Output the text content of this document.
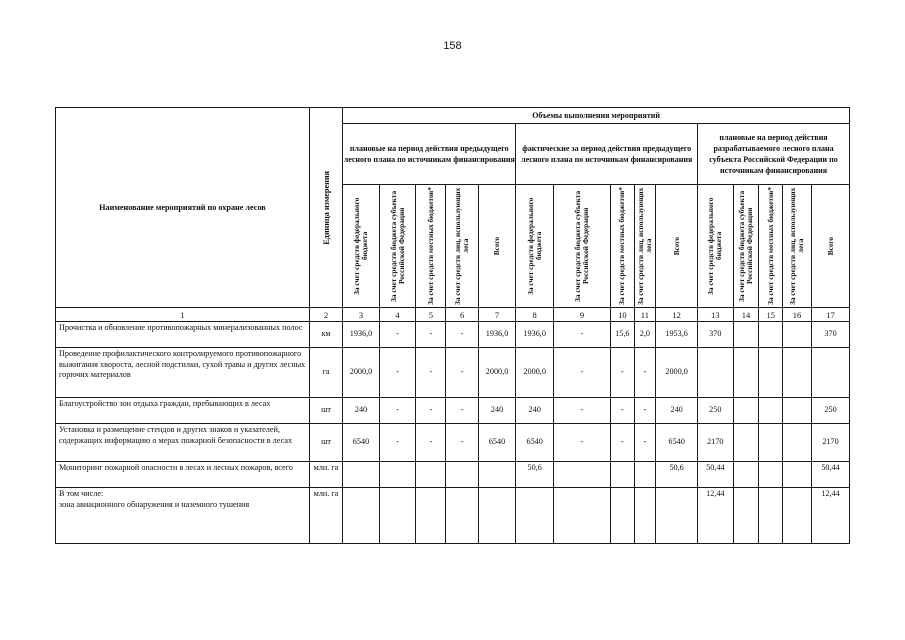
158
Наименование мероприятий по охране лесов	Единица измерения	Объемы выполнения мероприятий														
		плановые на период действия предыдущего лесного плана по источникам финансирования					фактические за период действия предыдущего лесного плана по источникам финансирования					плановые на период действия разрабатываемого лесного плана субъекта Российской Федерации по источникам финансирования				

		За счет средств федерального бюджета	За счет средств бюджета субъекта Российской Федерации	За счет средств местных бюджетов*	За счет средств лиц, использующих леса	Всего	За счет средств федерального бюджета	За счет средств бюджета субъекта Российской Федерации	За счет средств местных бюджетов*	За счет средств лиц, использующих леса	Всего	За счет средств федерального бюджета	За счет средств бюджета субъекта Российской Федерации	За счет средств местных бюджетов*	За счет средств лиц, использующих леса	Всего

1	2	3	4	5	6	7	8	9	10	11	12	13	14	15	16	17
Прочистка и обновление противопожарных минерализованных полос	км	1936,0	-	-	-	1936,0	1936,0	-	15,6	2,0	1953,6	370				370
Проведение профилактического контролируемого противопожарного выжигания хвороста, лесной подстилки, сухой травы и других лесных горючих материалов	га	2000,0	-	-	-	2000,0	2000,0	-	-	-	2000,0					
Благоустройство зон отдыха граждан, пребывающих в лесах	шт	240	-	-	-	240	240	-	-	-	240	250				250
Установка и размещение стендов и других знаков и указателей, содержащих информацию о мерах пожарной безопасности в лесах	шт	6540	-	-	-	6540	6540	-	-	-	6540	2170				2170
Мониторинг пожарной опасности в лесах и лесных пожаров, всего	млн. га						50,6				50,6	50,44				50,44
В том числе:
зона авиационного обнаружения и наземного тушения	млн. га											12,44				12,44
